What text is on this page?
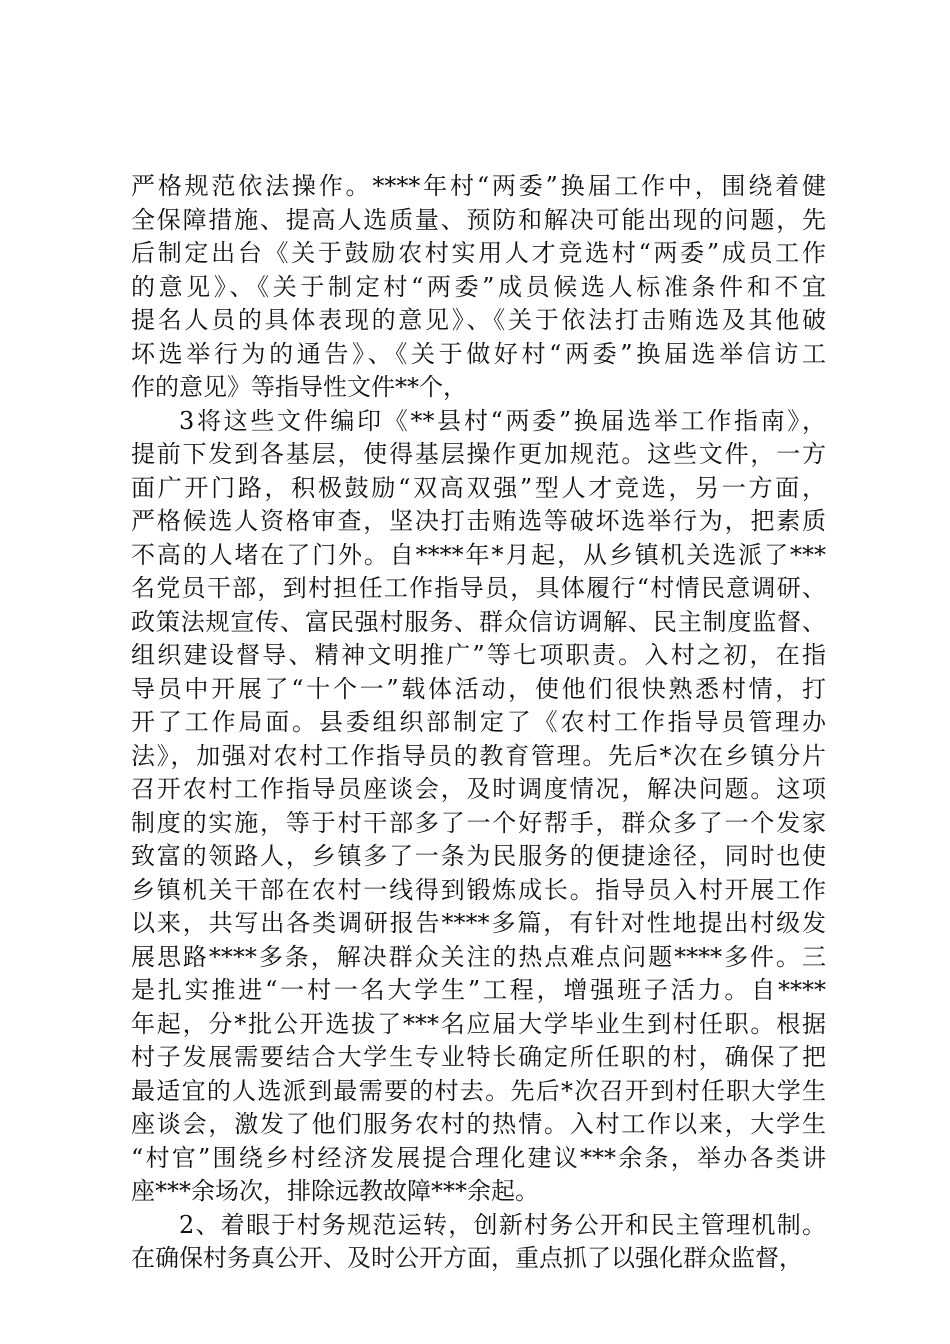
严格规范依法操作。****年村“两委”换届工作中，围绕着健
全保障措施、提高人选质量、预防和解决可能出现的问题，先
后制定出台《关于鼓励农村实用人才竞选村“两委”成员工作
的意见》、《关于制定村“两委”成员候选人标准条件和不宜
提名人员的具体表现的意见》、《关于依法打击贿选及其他破
坏选举行为的通告》、《关于做好村“两委”换届选举信访工
作的意见》等指导性文件**个，
3将这些文件编印《**县村“两委”换届选举工作指南》，
提前下发到各基层，使得基层操作更加规范。这些文件，一方
面广开门路，积极鼓励“双高双强”型人才竞选，另一方面，
严格候选人资格审查，坚决打击贿选等破坏选举行为，把素质
不高的人堵在了门外。自****年*月起，从乡镇机关选派了***
名党员干部，到村担任工作指导员，具体履行“村情民意调研、
政策法规宣传、富民强村服务、群众信访调解、民主制度监督、
组织建设督导、精神文明推广”等七项职责。入村之初，在指
导员中开展了“十个一”载体活动，使他们很快熟悉村情，打
开了工作局面。县委组织部制定了《农村工作指导员管理办
法》，加强对农村工作指导员的教育管理。先后*次在乡镇分片
召开农村工作指导员座谈会，及时调度情况，解决问题。这项
制度的实施，等于村干部多了一个好帮手，群众多了一个发家
致富的领路人，乡镇多了一条为民服务的便捷途径，同时也使
乡镇机关干部在农村一线得到锻炼成长。指导员入村开展工作
以来，共写出各类调研报告****多篇，有针对性地提出村级发
展思路****多条，解决群众关注的热点难点问题****多件。三
是扎实推进“一村一名大学生”工程，增强班子活力。自****
年起，分*批公开选拔了***名应届大学毕业生到村任职。根据
村子发展需要结合大学生专业特长确定所任职的村，确保了把
最适宜的人选派到最需要的村去。先后*次召开到村任职大学生
座谈会，激发了他们服务农村的热情。入村工作以来，大学生
“村官”围绕乡村经济发展提合理化建议***余条，举办各类讲
座***余场次，排除远教故障***余起。
2、着眼于村务规范运转，创新村务公开和民主管理机制。
在确保村务真公开、及时公开方面，重点抓了以强化群众监督，
